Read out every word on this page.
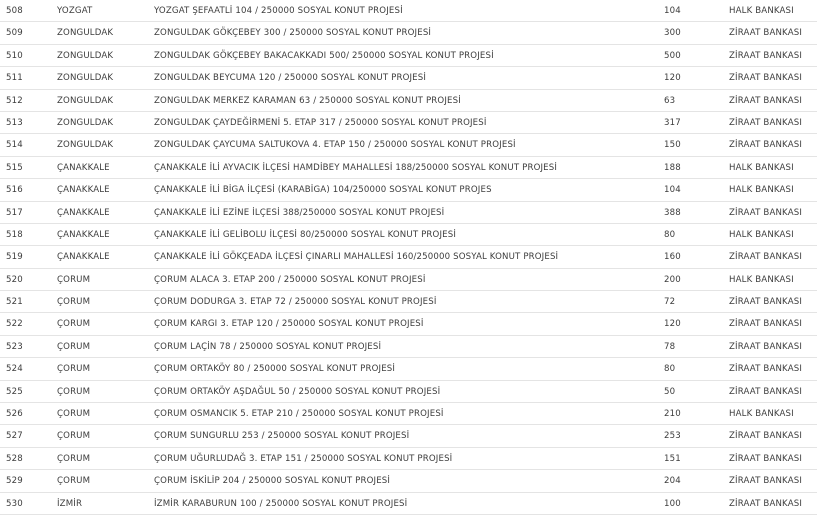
508	YOZGAT	YOZGAT ŞEFAATLİ 104 / 250000 SOSYAL KONUT PROJESİ	104	HALK BANKASI
509	ZONGULDAK	ZONGULDAK GÖKÇEBEY 300 / 250000 SOSYAL KONUT PROJESİ	300	ZİRAAT BANKASI
510	ZONGULDAK	ZONGULDAK GÖKÇEBEY BAKACAKKADI 500/ 250000 SOSYAL KONUT PROJESİ	500	ZİRAAT BANKASI
511	ZONGULDAK	ZONGULDAK BEYCUMA 120 / 250000 SOSYAL KONUT PROJESİ	120	ZİRAAT BANKASI
512	ZONGULDAK	ZONGULDAK MERKEZ KARAMAN 63 / 250000 SOSYAL KONUT PROJESİ	63	ZİRAAT BANKASI
513	ZONGULDAK	ZONGULDAK ÇAYDEĞİRMENİ 5. ETAP 317 / 250000 SOSYAL KONUT PROJESİ	317	ZİRAAT BANKASI
514	ZONGULDAK	ZONGULDAK ÇAYCUMA SALTUKOVA 4. ETAP 150 / 250000 SOSYAL KONUT PROJESİ	150	ZİRAAT BANKASI
515	ÇANAKKALE	ÇANAKKALE İLİ AYVACIK İLÇESİ HAMDİBEY MAHALLESİ 188/250000 SOSYAL KONUT PROJESİ	188	HALK BANKASI
516	ÇANAKKALE	ÇANAKKALE İLİ BİGA İLÇESİ (KARABİGA) 104/250000 SOSYAL KONUT PROJES	104	HALK BANKASI
517	ÇANAKKALE	ÇANAKKALE İLİ EZİNE İLÇESİ 388/250000 SOSYAL KONUT PROJESİ	388	ZİRAAT BANKASI
518	ÇANAKKALE	ÇANAKKALE İLİ GELİBOLU İLÇESİ 80/250000 SOSYAL KONUT PROJESİ	80	HALK BANKASI
519	ÇANAKKALE	ÇANAKKALE İLİ GÖKÇEADA İLÇESİ ÇINARLI MAHALLESİ 160/250000 SOSYAL KONUT PROJESİ	160	ZİRAAT BANKASI
520	ÇORUM	ÇORUM ALACA 3. ETAP 200 / 250000 SOSYAL KONUT PROJESİ	200	HALK BANKASI
521	ÇORUM	ÇORUM DODURGA 3. ETAP 72 / 250000 SOSYAL KONUT PROJESİ	72	ZİRAAT BANKASI
522	ÇORUM	ÇORUM KARGI 3. ETAP 120 / 250000 SOSYAL KONUT PROJESİ	120	ZİRAAT BANKASI
523	ÇORUM	ÇORUM LAÇİN 78 / 250000 SOSYAL KONUT PROJESİ	78	ZİRAAT BANKASI
524	ÇORUM	ÇORUM ORTAKÖY 80 / 250000 SOSYAL KONUT PROJESİ	80	ZİRAAT BANKASI
525	ÇORUM	ÇORUM ORTAKÖY AŞDAĞUL 50 / 250000 SOSYAL KONUT PROJESİ	50	ZİRAAT BANKASI
526	ÇORUM	ÇORUM OSMANCIK 5. ETAP 210 / 250000 SOSYAL KONUT PROJESİ	210	HALK BANKASI
527	ÇORUM	ÇORUM SUNGURLU 253 / 250000 SOSYAL KONUT PROJESİ	253	ZİRAAT BANKASI
528	ÇORUM	ÇORUM UĞURLUDAĞ 3. ETAP 151 / 250000 SOSYAL KONUT PROJESİ	151	ZİRAAT BANKASI
529	ÇORUM	ÇORUM İSKİLİP 204 / 250000 SOSYAL KONUT PROJESİ	204	ZİRAAT BANKASI
530	İZMİR	İZMİR KARABURUN 100 / 250000 SOSYAL KONUT PROJESİ	100	ZİRAAT BANKASI
